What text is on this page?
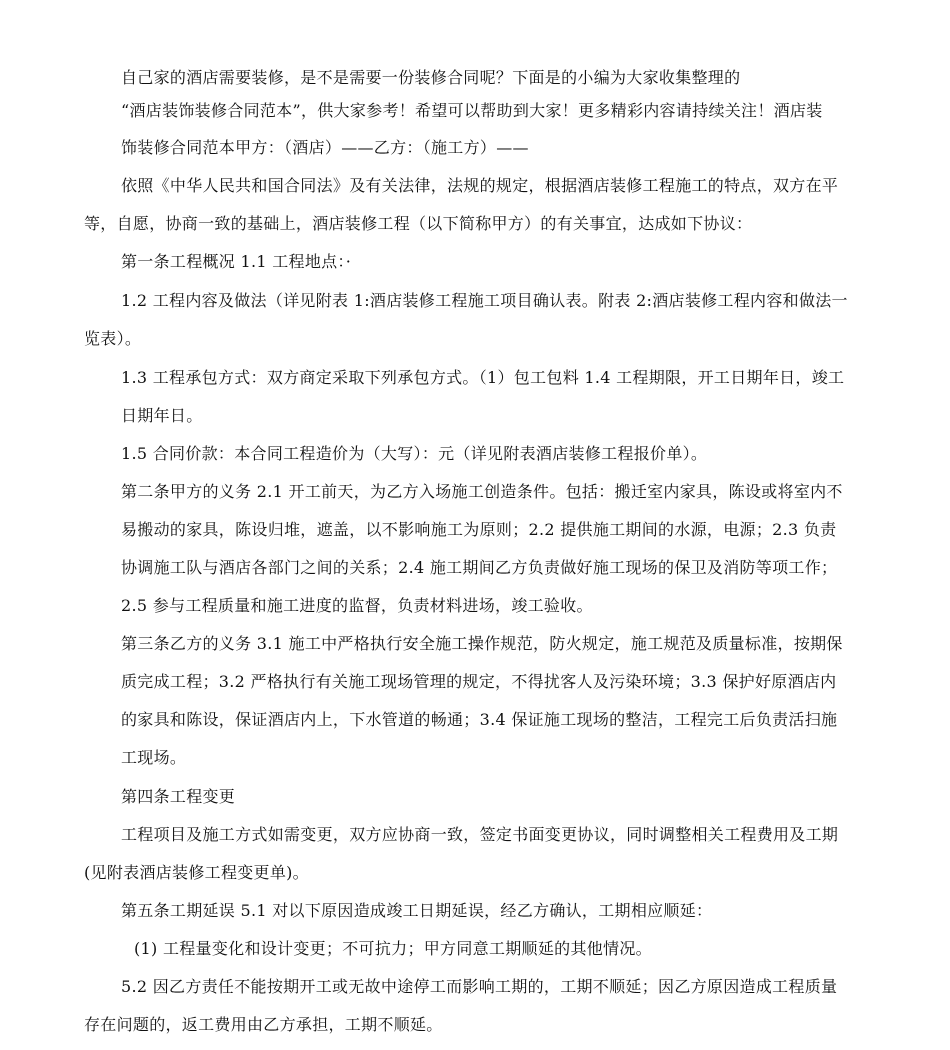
自己家的酒店需要装修，是不是需要一份装修合同呢？下面是的小编为大家收集整理的
“酒店装饰装修合同范本”，供大家参考！希望可以帮助到大家！更多精彩内容请持续关注！酒店装
饰装修合同范本甲方：（酒店）——乙方：（施工方）——
依照《中华人民共和国合同法》及有关法律，法规的规定，根据酒店装修工程施工的特点，双方在平
等，自愿，协商一致的基础上，酒店装修工程（以下简称甲方）的有关事宜，达成如下协议：
第一条工程概况 1.1 工程地点：·
1.2 工程内容及做法（详见附表 1:酒店装修工程施工项目确认表。附表 2:酒店装修工程内容和做法一
览表）。
1.3 工程承包方式：双方商定采取下列承包方式。（1）包工包料 1.4 工程期限，开工日期年日，竣工
日期年日。
1.5 合同价款：本合同工程造价为（大写）：元（详见附表酒店装修工程报价单）。
第二条甲方的义务 2.1 开工前天，为乙方入场施工创造条件。包括：搬迁室内家具，陈设或将室内不
易搬动的家具，陈设归堆，遮盖，以不影响施工为原则；2.2 提供施工期间的水源，电源；2.3 负责
协调施工队与酒店各部门之间的关系；2.4 施工期间乙方负责做好施工现场的保卫及消防等项工作；
2.5 参与工程质量和施工进度的监督，负责材料进场，竣工验收。
第三条乙方的义务 3.1 施工中严格执行安全施工操作规范，防火规定，施工规范及质量标准，按期保
质完成工程；3.2 严格执行有关施工现场管理的规定，不得扰客人及污染环境；3.3 保护好原酒店内
的家具和陈设，保证酒店内上，下水管道的畅通；3.4 保证施工现场的整洁，工程完工后负责活扫施
工现场。
第四条工程变更
工程项目及施工方式如需变更，双方应协商一致，签定书面变更协议，同时调整相关工程费用及工期
(见附表酒店装修工程变更单)。
第五条工期延误 5.1 对以下原因造成竣工日期延误，经乙方确认，工期相应顺延：
(1) 工程量变化和设计变更；不可抗力；甲方同意工期顺延的其他情况。
5.2 因乙方责任不能按期开工或无故中途停工而影响工期的，工期不顺延；因乙方原因造成工程质量
存在问题的，返工费用由乙方承担，工期不顺延。
